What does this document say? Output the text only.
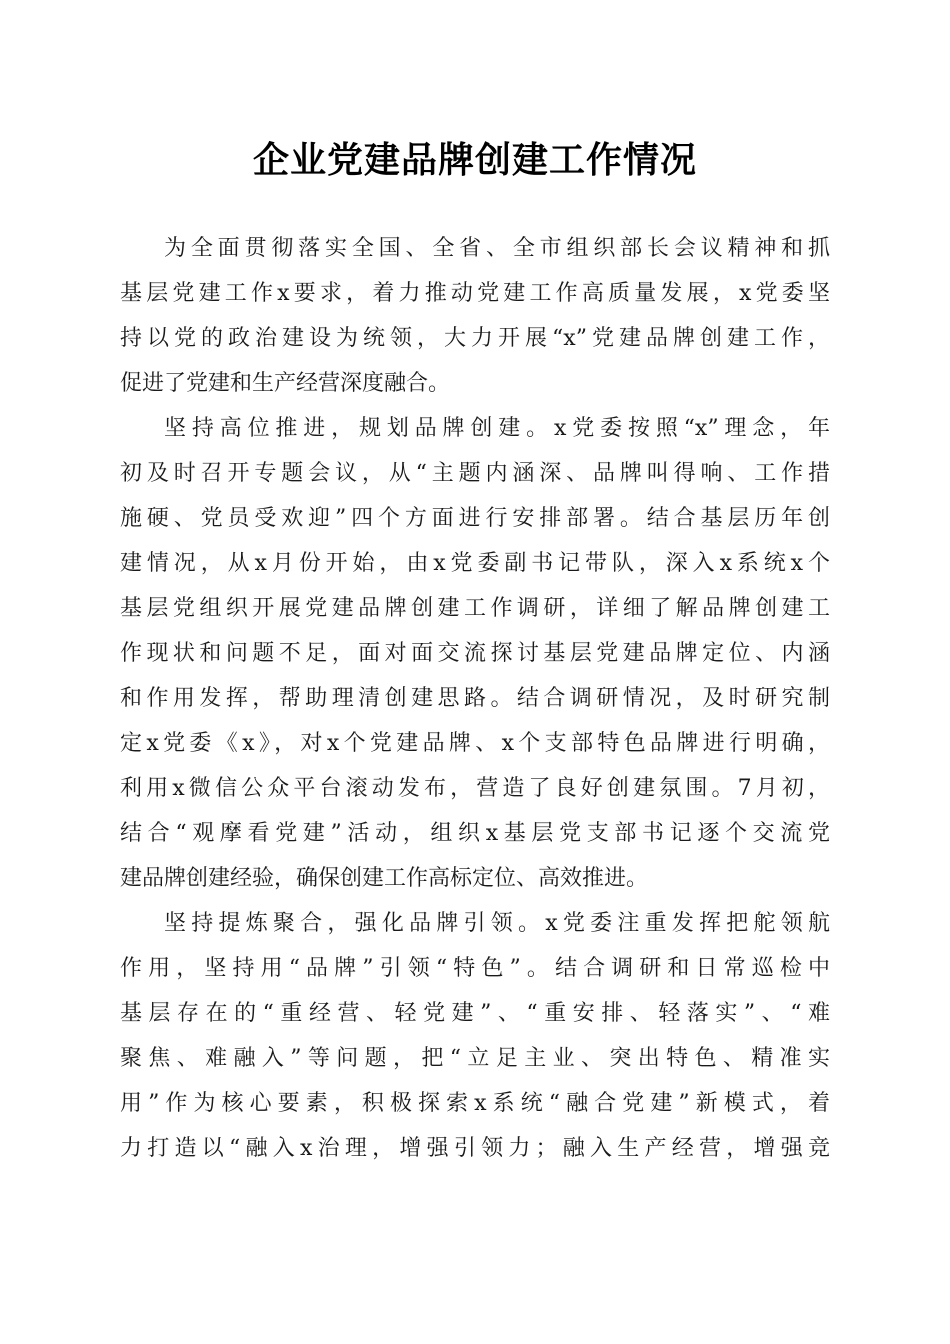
企业党建品牌创建工作情况
为全面贯彻落实全国、全省、全市组织部长会议精神和抓
基层党建工作x要求，着力推动党建工作高质量发展，x党委坚
持以党的政治建设为统领，大力开展“x”党建品牌创建工作，
促进了党建和生产经营深度融合。
坚持高位推进，规划品牌创建。x党委按照“x”理念，年
初及时召开专题会议，从“主题内涵深、品牌叫得响、工作措
施硬、党员受欢迎”四个方面进行安排部署。结合基层历年创
建情况，从x月份开始，由x党委副书记带队，深入x系统x个
基层党组织开展党建品牌创建工作调研，详细了解品牌创建工
作现状和问题不足，面对面交流探讨基层党建品牌定位、内涵
和作用发挥，帮助理清创建思路。结合调研情况，及时研究制
定x党委《x》，对x个党建品牌、x个支部特色品牌进行明确，
利用x微信公众平台滚动发布，营造了良好创建氛围。7月初，
结合“观摩看党建”活动，组织x基层党支部书记逐个交流党
建品牌创建经验，确保创建工作高标定位、高效推进。
坚持提炼聚合，强化品牌引领。x党委注重发挥把舵领航
作用，坚持用“品牌”引领“特色”。结合调研和日常巡检中
基层存在的“重经营、轻党建”、“重安排、轻落实”、“难
聚焦、难融入”等问题，把“立足主业、突出特色、精准实
用”作为核心要素，积极探索x系统“融合党建”新模式，着
力打造以“融入x治理，增强引领力；融入生产经营，增强竞
